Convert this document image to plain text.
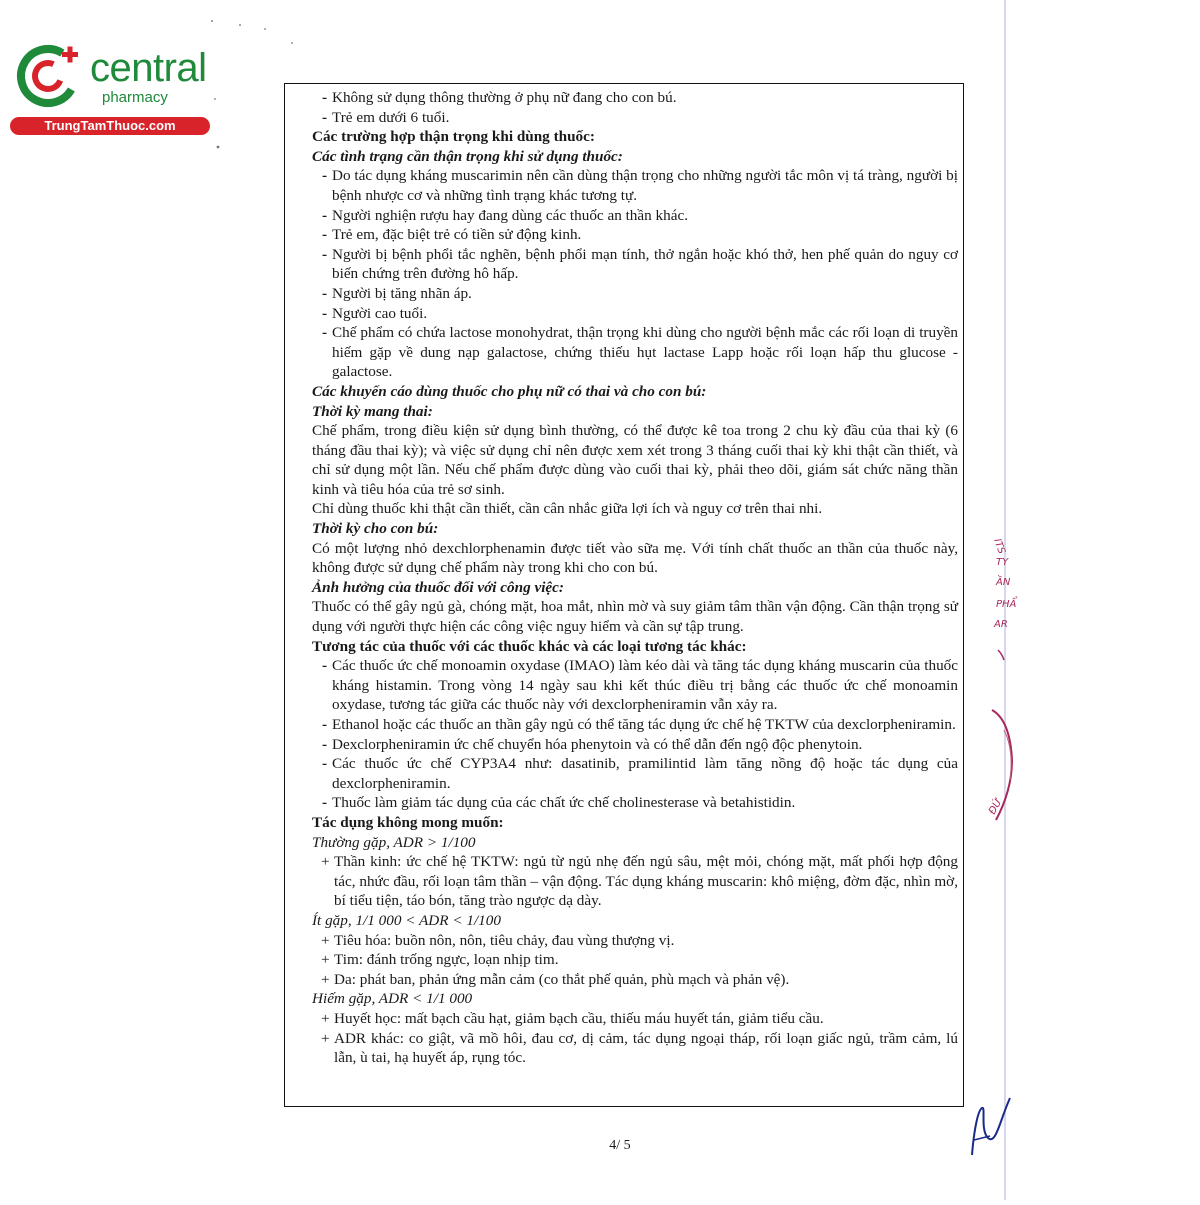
central
pharmacy
TrungTamThuoc.com

- Không sử dụng thông thường ở phụ nữ đang cho con bú.

- Trẻ em dưới 6 tuổi.

Các trường hợp thận trọng khi dùng thuốc:

Các tình trạng cần thận trọng khi sử dụng thuốc:

- Do tác dụng kháng muscarimin nên cần dùng thận trọng cho những người tắc môn vị tá tràng, người bị bệnh nhược cơ và những tình trạng khác tương tự.

- Người nghiện rượu hay đang dùng các thuốc an thần khác.

- Trẻ em, đặc biệt trẻ có tiền sử động kinh.

- Người bị bệnh phổi tắc nghẽn, bệnh phổi mạn tính, thở ngắn hoặc khó thở, hen phế quản do nguy cơ biến chứng trên đường hô hấp.

- Người bị tăng nhãn áp.

- Người cao tuổi.

- Chế phẩm có chứa lactose monohydrat, thận trọng khi dùng cho người bệnh mắc các rối loạn di truyền hiếm gặp về dung nạp galactose, chứng thiếu hụt lactase Lapp hoặc rối loạn hấp thu glucose - galactose.

Các khuyến cáo dùng thuốc cho phụ nữ có thai và cho con bú:

Thời kỳ mang thai:

Chế phẩm, trong điều kiện sử dụng bình thường, có thể được kê toa trong 2 chu kỳ đầu của thai kỳ (6 tháng đầu thai kỳ); và việc sử dụng chỉ nên được xem xét trong 3 tháng cuối thai kỳ khi thật cần thiết, và chỉ sử dụng một lần. Nếu chế phẩm được dùng vào cuối thai kỳ, phải theo dõi, giám sát chức năng thần kinh và tiêu hóa của trẻ sơ sinh.

Chỉ dùng thuốc khi thật cần thiết, cần cân nhắc giữa lợi ích và nguy cơ trên thai nhi.

Thời kỳ cho con bú:

Có một lượng nhỏ dexchlorphenamin được tiết vào sữa mẹ. Với tính chất thuốc an thần của thuốc này, không được sử dụng chế phẩm này trong khi cho con bú.

Ảnh hưởng của thuốc đối với công việc:

Thuốc có thể gây ngủ gà, chóng mặt, hoa mắt, nhìn mờ và suy giảm tâm thần vận động. Cần thận trọng sử dụng với người thực hiện các công việc nguy hiểm và cần sự tập trung.

Tương tác của thuốc với các thuốc khác và các loại tương tác khác:

- Các thuốc ức chế monoamin oxydase (IMAO) làm kéo dài và tăng tác dụng kháng muscarin của thuốc kháng histamin. Trong vòng 14 ngày sau khi kết thúc điều trị bằng các thuốc ức chế monoamin oxydase, tương tác giữa các thuốc này với dexclorpheniramin vẫn xảy ra.

- Ethanol hoặc các thuốc an thần gây ngủ có thể tăng tác dụng ức chế hệ TKTW của dexclorpheniramin.

- Dexclorpheniramin ức chế chuyển hóa phenytoin và có thể dẫn đến ngộ độc phenytoin.

- Các thuốc ức chế CYP3A4 như: dasatinib, pramilintid làm tăng nồng độ hoặc tác dụng của dexclorpheniramin.

- Thuốc làm giảm tác dụng của các chất ức chế cholinesterase và betahistidin.

Tác dụng không mong muốn:

Thường gặp, ADR > 1/100

+ Thần kinh: ức chế hệ TKTW: ngủ từ ngủ nhẹ đến ngủ sâu, mệt mỏi, chóng mặt, mất phối hợp động tác, nhức đầu, rối loạn tâm thần – vận động. Tác dụng kháng muscarin: khô miệng, đờm đặc, nhìn mờ, bí tiểu tiện, táo bón, tăng trào ngược dạ dày.

Ít gặp, 1/1 000 < ADR < 1/100

+ Tiêu hóa: buồn nôn, nôn, tiêu chảy, đau vùng thượng vị.

+ Tim: đánh trống ngực, loạn nhịp tim.

+ Da: phát ban, phản ứng mẫn cảm (co thắt phế quản, phù mạch và phản vệ).

Hiếm gặp, ADR < 1/1 000

+ Huyết học: mất bạch cầu hạt, giảm bạch cầu, thiếu máu huyết tán, giảm tiểu cầu.

+ ADR khác: co giật, vã mồ hôi, đau cơ, dị cảm, tác dụng ngoại tháp, rối loạn giấc ngủ, trầm cảm, lú lẫn, ù tai, hạ huyết áp, rụng tóc.

4/ 5
ITS
TY
ẦN
PHẨ
AR
ĐỨ
